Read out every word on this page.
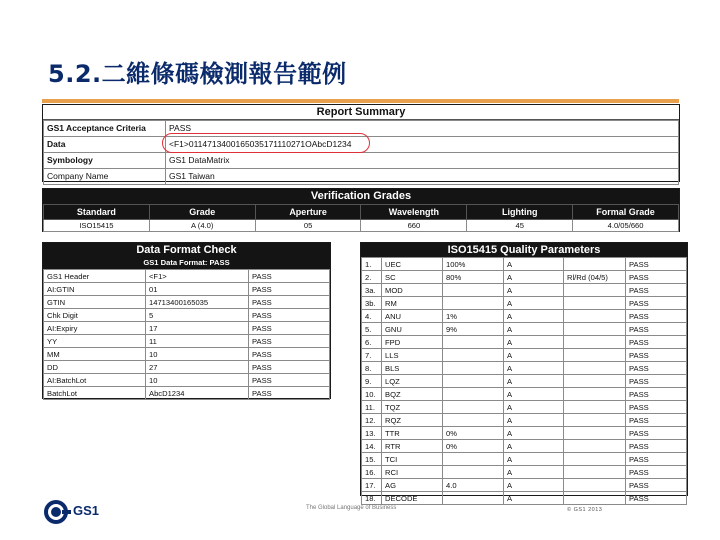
5.2.二維條碼檢測報告範例
Report Summary
GS1 Acceptance Criteria	PASS
Data	<F1>0114713400165035171110271OAbcD1234
Symbology	GS1 DataMatrix
Company Name	GS1 Taiwan
Verification Grades
Standard	Grade	Aperture	Wavelength	Lighting	Formal Grade
ISO15415	A (4.0)	05	660	45	4.0/05/660
Data Format Check
GS1 Data Format: PASS
GS1 Header	<F1>	PASS
AI:GTIN	01	PASS
GTIN	14713400165035	PASS
Chk Digit	5	PASS
AI:Expiry	17	PASS
YY	11	PASS
MM	10	PASS
DD	27	PASS
AI:BatchLot	10	PASS
BatchLot	AbcD1234	PASS
ISO15415 Quality Parameters
1.	UEC	100%	A		PASS
2.	SC	80%	A	Rl/Rd (04/5)	PASS
3a.	MOD		A		PASS
3b.	RM		A		PASS
4.	ANU	1%	A		PASS
5.	GNU	9%	A		PASS
6.	FPD		A		PASS
7.	LLS		A		PASS
8.	BLS		A		PASS
9.	LQZ		A		PASS
10.	BQZ		A		PASS
11.	TQZ		A		PASS
12.	RQZ		A		PASS
13.	TTR	0%	A		PASS
14.	RTR	0%	A		PASS
15.	TCI		A		PASS
16.	RCI		A		PASS
17.	AG	4.0	A		PASS
18.	DECODE		A		PASS
GS1	The Global Language of Business	© GS1 2013
